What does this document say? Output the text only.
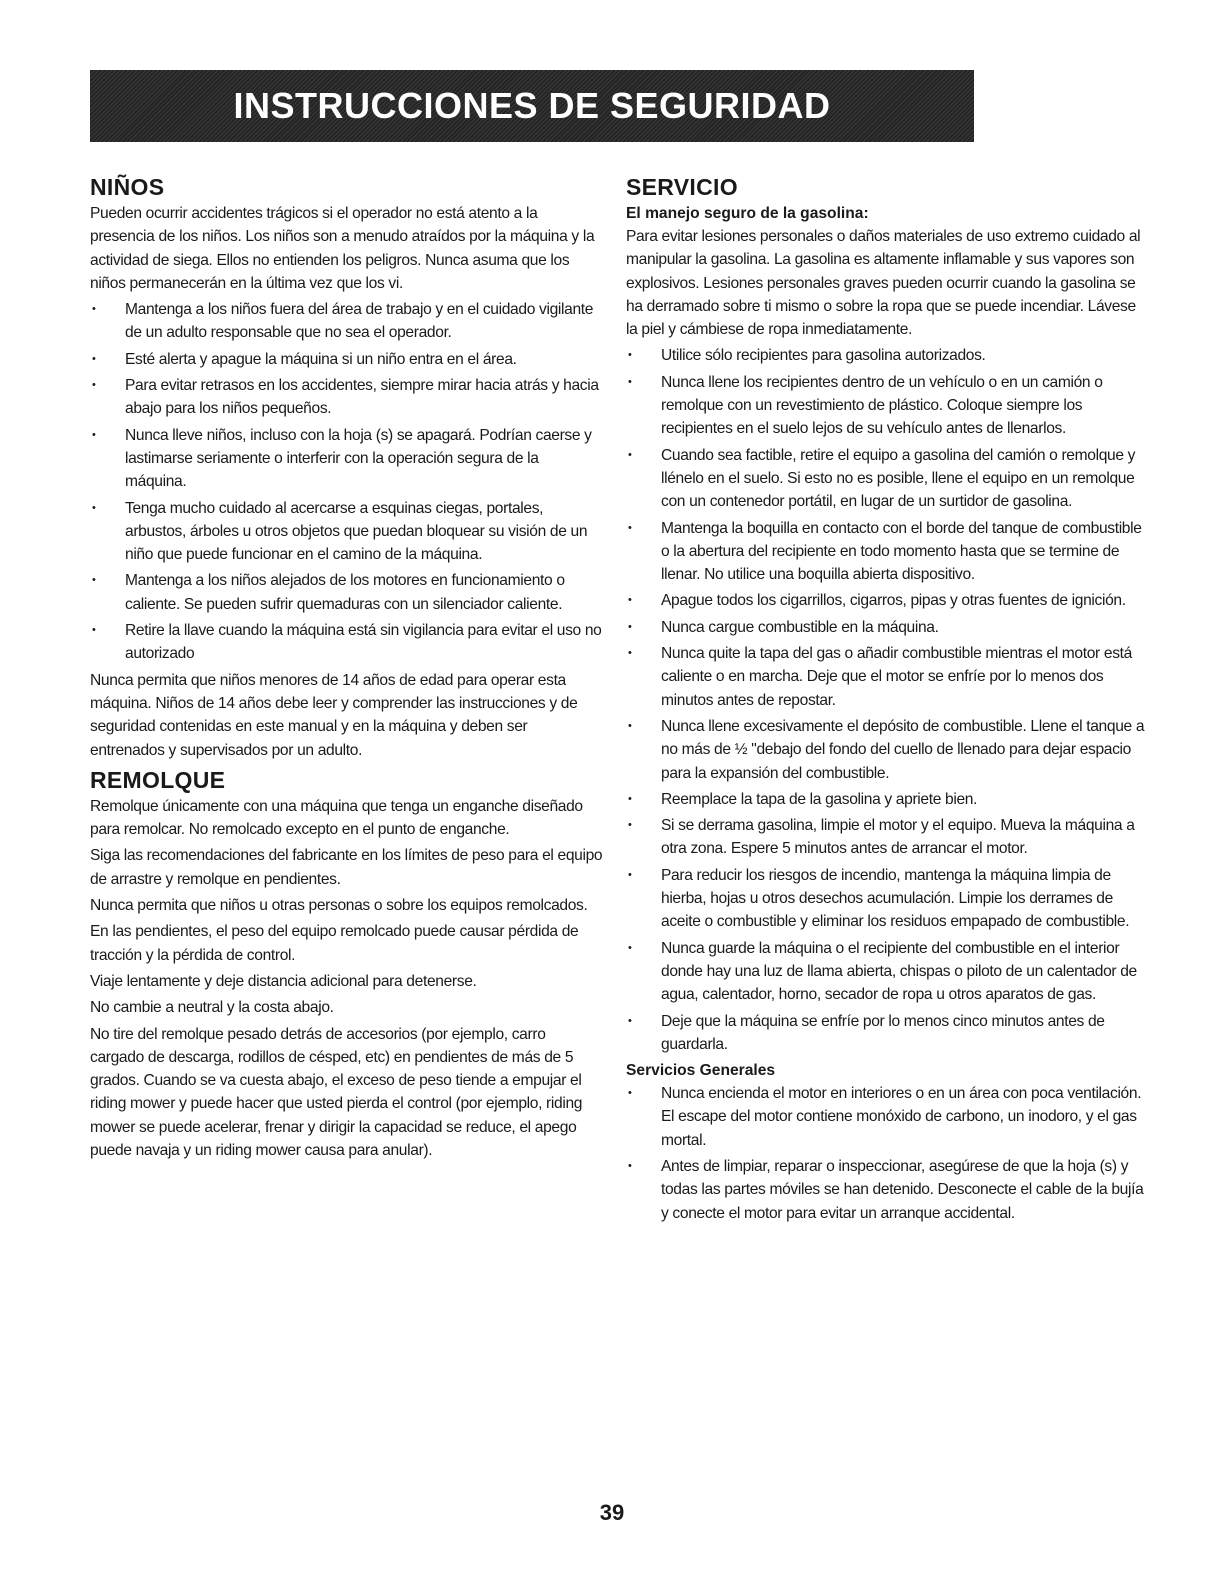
INSTRUCCIONES DE SEGURIDAD
NIÑOS

Pueden ocurrir accidentes trágicos si el operador no está atento a la presencia de los niños. Los niños son a menudo atraídos por la máquina y la actividad de siega. Ellos no entienden los peligros. Nunca asuma que los niños permanecerán en la última vez que los vi.

• Mantenga a los niños fuera del área de trabajo y en el cuidado vigilante de un adulto responsable que no sea el operador.
• Esté alerta y apague la máquina si un niño entra en el área.
• Para evitar retrasos en los accidentes, siempre mirar hacia atrás y hacia abajo para los niños pequeños.
• Nunca lleve niños, incluso con la hoja (s) se apagará. Podrían caerse y lastimarse seriamente o interferir con la operación segura de la máquina.
• Tenga mucho cuidado al acercarse a esquinas ciegas, portales, arbustos, árboles u otros objetos que puedan bloquear su visión de un niño que puede funcionar en el camino de la máquina.
• Mantenga a los niños alejados de los motores en funcionamiento o caliente. Se pueden sufrir quemaduras con un silenciador caliente.
• Retire la llave cuando la máquina está sin vigilancia para evitar el uso no autorizado

Nunca permita que niños menores de 14 años de edad para operar esta máquina. Niños de 14 años debe leer y comprender las instrucciones y de seguridad contenidas en este manual y en la máquina y deben ser entrenados y supervisados por un adulto.

REMOLQUE

Remolque únicamente con una máquina que tenga un enganche diseñado para remolcar. No remolcado excepto en el punto de enganche.

Siga las recomendaciones del fabricante en los límites de peso para el equipo de arrastre y remolque en pendientes.

Nunca permita que niños u otras personas o sobre los equipos remolcados.

En las pendientes, el peso del equipo remolcado puede causar pérdida de tracción y la pérdida de control.

Viaje lentamente y deje distancia adicional para detenerse.

No cambie a neutral y la costa abajo.

No tire del remolque pesado detrás de accesorios (por ejemplo, carro cargado de descarga, rodillos de césped, etc) en pendientes de más de 5 grados. Cuando se va cuesta abajo, el exceso de peso tiende a empujar el riding mower y puede hacer que usted pierda el control (por ejemplo, riding mower se puede acelerar, frenar y dirigir la capacidad se reduce, el apego puede navaja y un riding mower causa para anular).

SERVICIO
El manejo seguro de la gasolina:

Para evitar lesiones personales o daños materiales de uso extremo cuidado al manipular la gasolina. La gasolina es altamente inflamable y sus vapores son explosivos. Lesiones personales graves pueden ocurrir cuando la gasolina se ha derramado sobre ti mismo o sobre la ropa que se puede incendiar. Lávese la piel y cámbiese de ropa inmediatamente.

• Utilice sólo recipientes para gasolina autorizados.
• Nunca llene los recipientes dentro de un vehículo o en un camión o remolque con un revestimiento de plástico. Coloque siempre los recipientes en el suelo lejos de su vehículo antes de llenarlos.
• Cuando sea factible, retire el equipo a gasolina del camión o remolque y llénelo en el suelo. Si esto no es posible, llene el equipo en un remolque con un contenedor portátil, en lugar de un surtidor de gasolina.
• Mantenga la boquilla en contacto con el borde del tanque de combustible o la abertura del recipiente en todo momento hasta que se termine de llenar. No utilice una boquilla abierta dispositivo.
• Apague todos los cigarrillos, cigarros, pipas y otras fuentes de ignición.
• Nunca cargue combustible en la máquina.
• Nunca quite la tapa del gas o añadir combustible mientras el motor está caliente o en marcha. Deje que el motor se enfríe por lo menos dos minutos antes de repostar.
• Nunca llene excesivamente el depósito de combustible. Llene el tanque a no más de ½ "debajo del fondo del cuello de llenado para dejar espacio para la expansión del combustible.
• Reemplace la tapa de la gasolina y apriete bien.
• Si se derrama gasolina, limpie el motor y el equipo. Mueva la máquina a otra zona. Espere 5 minutos antes de arrancar el motor.
• Para reducir los riesgos de incendio, mantenga la máquina limpia de hierba, hojas u otros desechos acumulación. Limpie los derrames de aceite o combustible y eliminar los residuos empapado de combustible.
• Nunca guarde la máquina o el recipiente del combustible en el interior donde hay una luz de llama abierta, chispas o piloto de un calentador de agua, calentador, horno, secador de ropa u otros aparatos de gas.
• Deje que la máquina se enfríe por lo menos cinco minutos antes de guardarla.
Servicios Generales
• Nunca encienda el motor en interiores o en un área con poca ventilación. El escape del motor contiene monóxido de carbono, un inodoro, y el gas mortal.
• Antes de limpiar, reparar o inspeccionar, asegúrese de que la hoja (s) y todas las partes móviles se han detenido. Desconecte el cable de la bujía y conecte el motor para evitar un arranque accidental.
39
